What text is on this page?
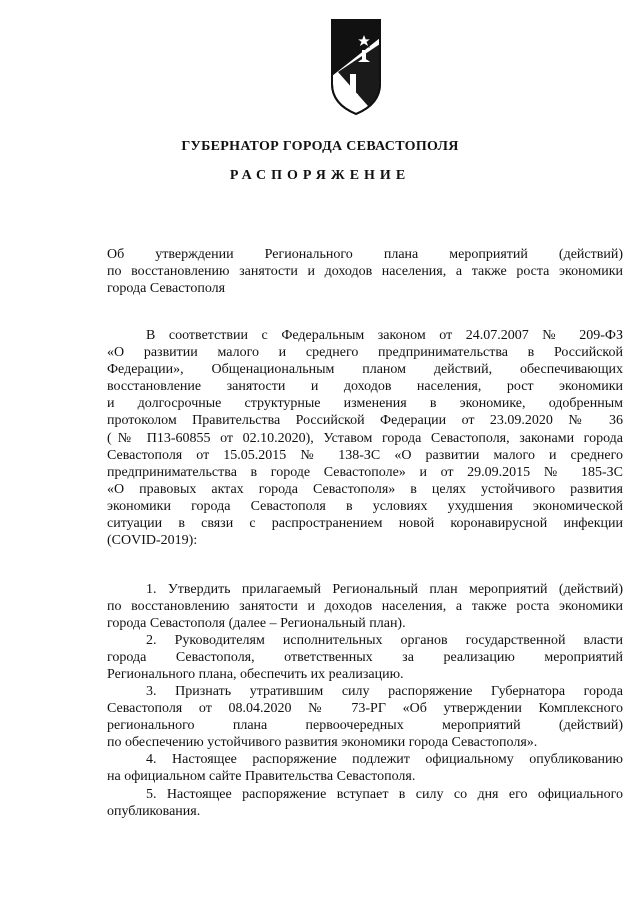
ГУБЕРНАТОР ГОРОДА СЕВАСТОПОЛЯ
РАСПОРЯЖЕНИЕ
Об утверждении Регионального плана мероприятий (действий)
по восстановлению занятости и доходов населения, а также роста экономики
города Севастополя
В соответствии с Федеральным законом от 24.07.2007 № 209-ФЗ
«О развитии малого и среднего предпринимательства в Российской
Федерации», Общенациональным планом действий, обеспечивающих
восстановление занятости и доходов населения, рост экономики
и долгосрочные структурные изменения в экономике, одобренным
протоколом Правительства Российской Федерации от 23.09.2020 № 36
(№ П13-60855 от 02.10.2020), Уставом города Севастополя, законами города
Севастополя от 15.05.2015 № 138-ЗС «О развитии малого и среднего
предпринимательства в городе Севастополе» и от 29.09.2015 № 185-ЗС
«О правовых актах города Севастополя» в целях устойчивого развития
экономики города Севастополя в условиях ухудшения экономической
ситуации в связи с распространением новой коронавирусной инфекции
(COVID-2019):
1. Утвердить прилагаемый Региональный план мероприятий (действий)
по восстановлению занятости и доходов населения, а также роста экономики
города Севастополя (далее – Региональный план).
2. Руководителям исполнительных органов государственной власти
города Севастополя, ответственных за реализацию мероприятий
Регионального плана, обеспечить их реализацию.
3. Признать утратившим силу распоряжение Губернатора города
Севастополя от 08.04.2020 № 73-РГ «Об утверждении Комплексного
регионального плана первоочередных мероприятий (действий)
по обеспечению устойчивого развития экономики города Севастополя».
4. Настоящее распоряжение подлежит официальному опубликованию
на официальном сайте Правительства Севастополя.
5. Настоящее распоряжение вступает в силу со дня его официального
опубликования.
